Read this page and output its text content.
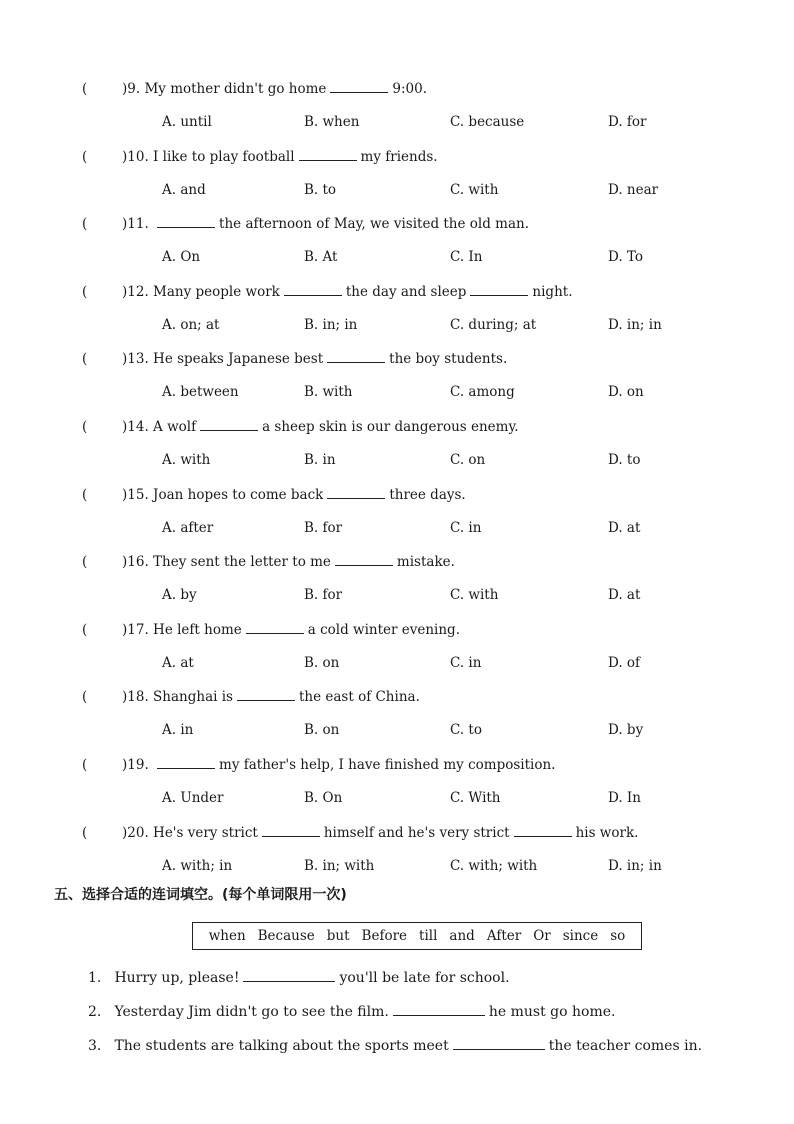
(	)9. My mother didn't go home	9:00.
A. until	B. when	C. because	D. for
(	)10. I like to play football	my friends.
A. and	B. to	C. with	D. near
(	)11.	the afternoon of May, we visited the old man.
A. On	B. At	C. In	D. To
(	)12. Many people work	the day and sleep	night.
A. on; at	B. in; in	C. during; at	D. in; in
(	)13. He speaks Japanese best	the boy students.
A. between	B. with	C. among	D. on
(	)14. A wolf	a sheep skin is our dangerous enemy.
A. with	B. in	C. on	D. to
(	)15. Joan hopes to come back	three days.
A. after	B. for	C. in	D. at
(	)16. They sent the letter to me	mistake.
A. by	B. for	C. with	D. at
(	)17. He left home	a cold winter evening.
A. at	B. on	C. in	D. of
(	)18. Shanghai is	the east of China.
A. in	B. on	C. to	D. by
(	)19.	my father's help, I have finished my composition.
A. Under	B. On	C. With	D. In
(	)20. He's very strict	himself and he's very strict	his work.
A. with; in	B. in; with	C. with; with	D. in; in
五、选择合适的连词填空。(每个单词限用一次)
when Because but Before till and After Or since so
1. Hurry up, please!	you'll be late for school.
2. Yesterday Jim didn't go to see the film.	he must go home.
3. The students are talking about the sports meet	the teacher comes in.
